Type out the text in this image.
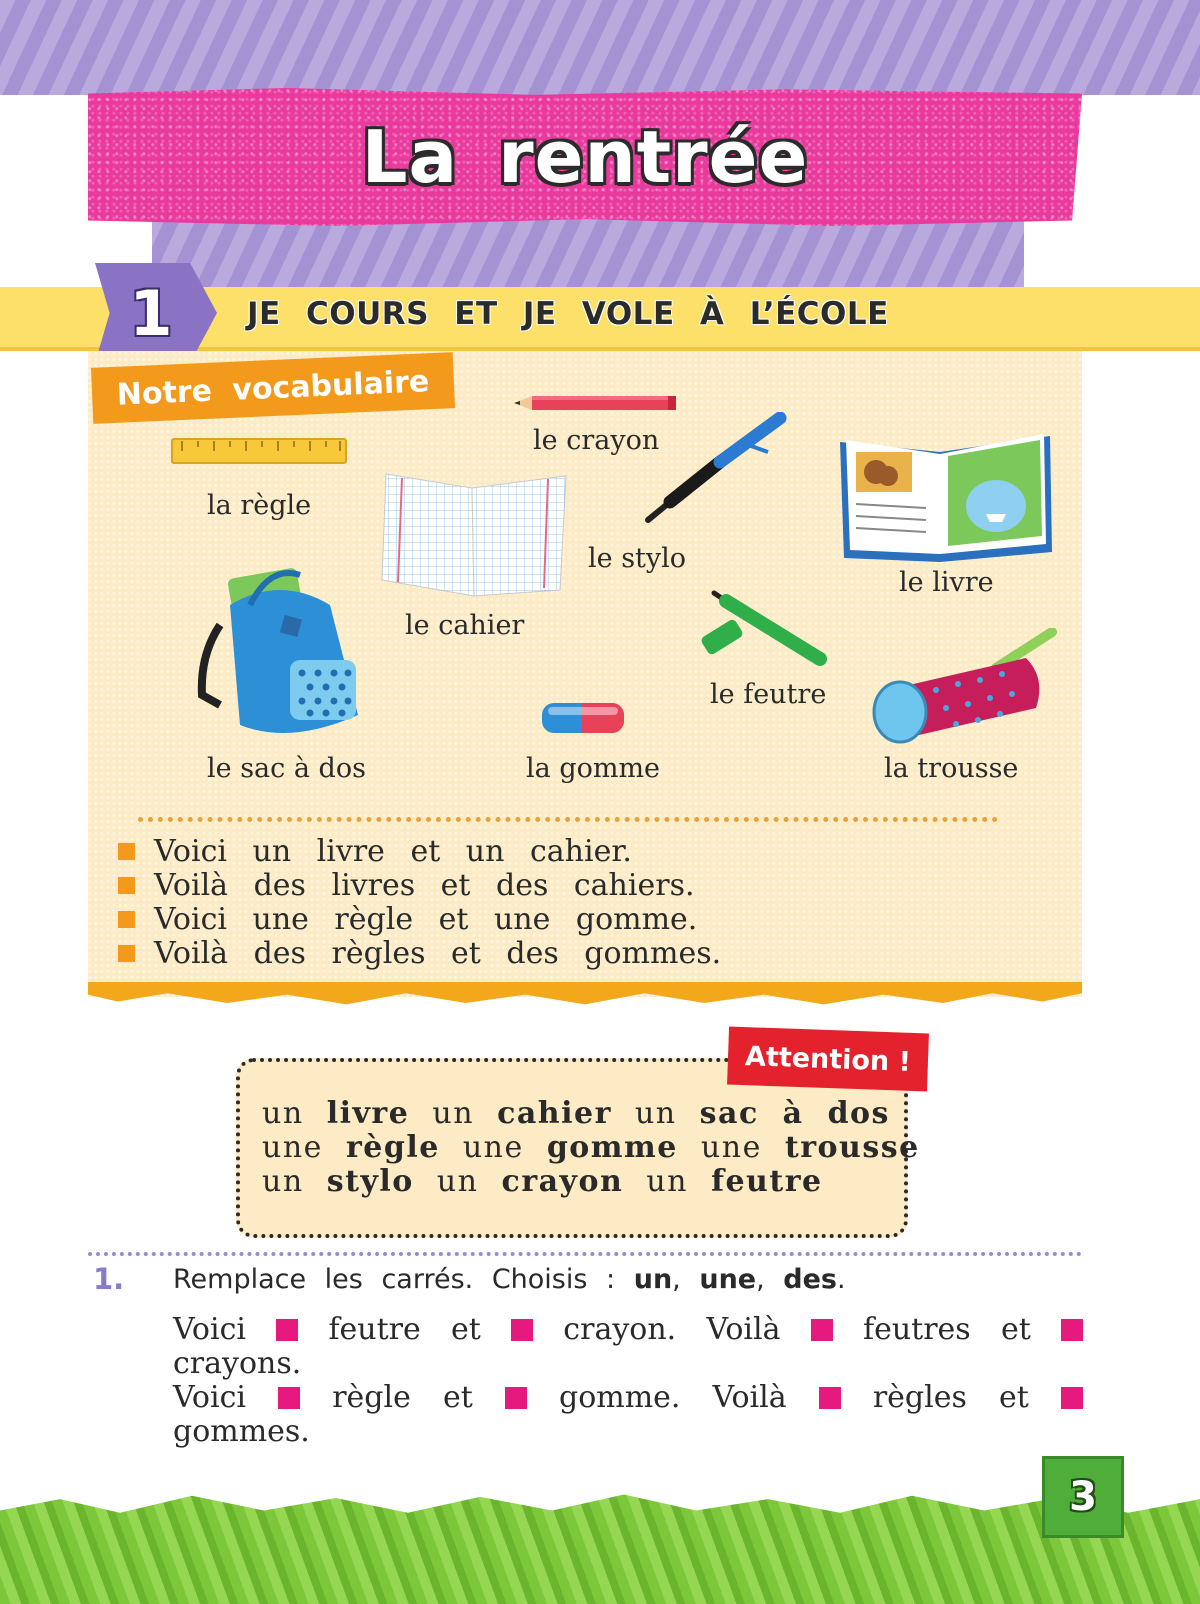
La rentrée
1	JE COURS ET JE VOLE À L’ÉCOLE
Notre vocabulaire
la règle
le crayon
le cahier
le stylo
le livre
le sac à dos	la gomme
le feutre
la trousse
Voici un livre et un cahier.
Voilà des livres et des cahiers.
Voici une règle et une gomme.
Voilà des règles et des gommes.
Attention !
un livre un cahier un sac à dos
une règle une gomme une trousse
un stylo un crayon un feutre
1. Remplace les carrés. Choisis : un, une, des.
Voici	feutre et	crayon. Voilà	feutres et
crayons.
Voici	règle et	gomme. Voilà	règles et
gommes.
3
